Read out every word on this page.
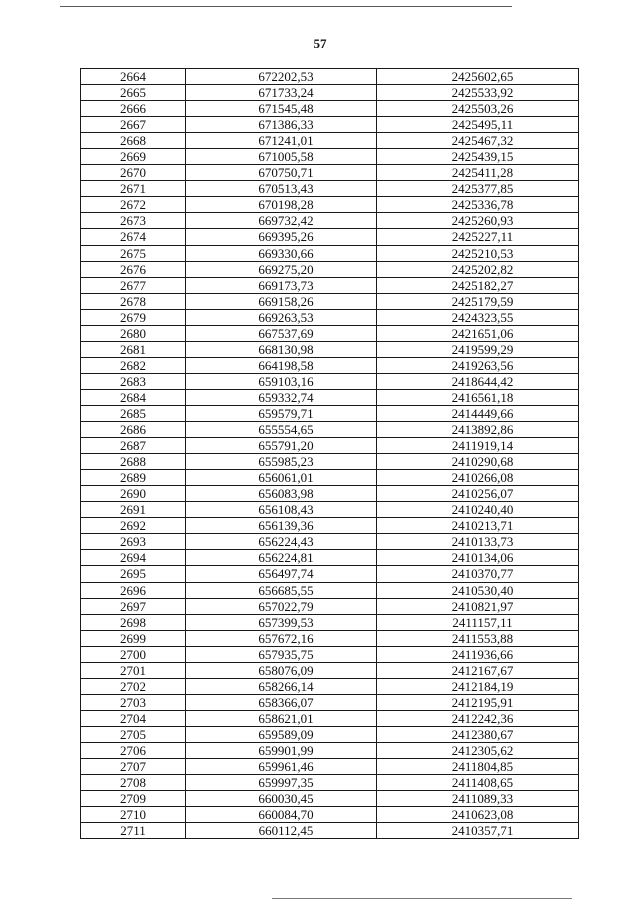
57
2664	672202,53	2425602,65
2665	671733,24	2425533,92
2666	671545,48	2425503,26
2667	671386,33	2425495,11
2668	671241,01	2425467,32
2669	671005,58	2425439,15
2670	670750,71	2425411,28
2671	670513,43	2425377,85
2672	670198,28	2425336,78
2673	669732,42	2425260,93
2674	669395,26	2425227,11
2675	669330,66	2425210,53
2676	669275,20	2425202,82
2677	669173,73	2425182,27
2678	669158,26	2425179,59
2679	669263,53	2424323,55
2680	667537,69	2421651,06
2681	668130,98	2419599,29
2682	664198,58	2419263,56
2683	659103,16	2418644,42
2684	659332,74	2416561,18
2685	659579,71	2414449,66
2686	655554,65	2413892,86
2687	655791,20	2411919,14
2688	655985,23	2410290,68
2689	656061,01	2410266,08
2690	656083,98	2410256,07
2691	656108,43	2410240,40
2692	656139,36	2410213,71
2693	656224,43	2410133,73
2694	656224,81	2410134,06
2695	656497,74	2410370,77
2696	656685,55	2410530,40
2697	657022,79	2410821,97
2698	657399,53	2411157,11
2699	657672,16	2411553,88
2700	657935,75	2411936,66
2701	658076,09	2412167,67
2702	658266,14	2412184,19
2703	658366,07	2412195,91
2704	658621,01	2412242,36
2705	659589,09	2412380,67
2706	659901,99	2412305,62
2707	659961,46	2411804,85
2708	659997,35	2411408,65
2709	660030,45	2411089,33
2710	660084,70	2410623,08
2711	660112,45	2410357,71
